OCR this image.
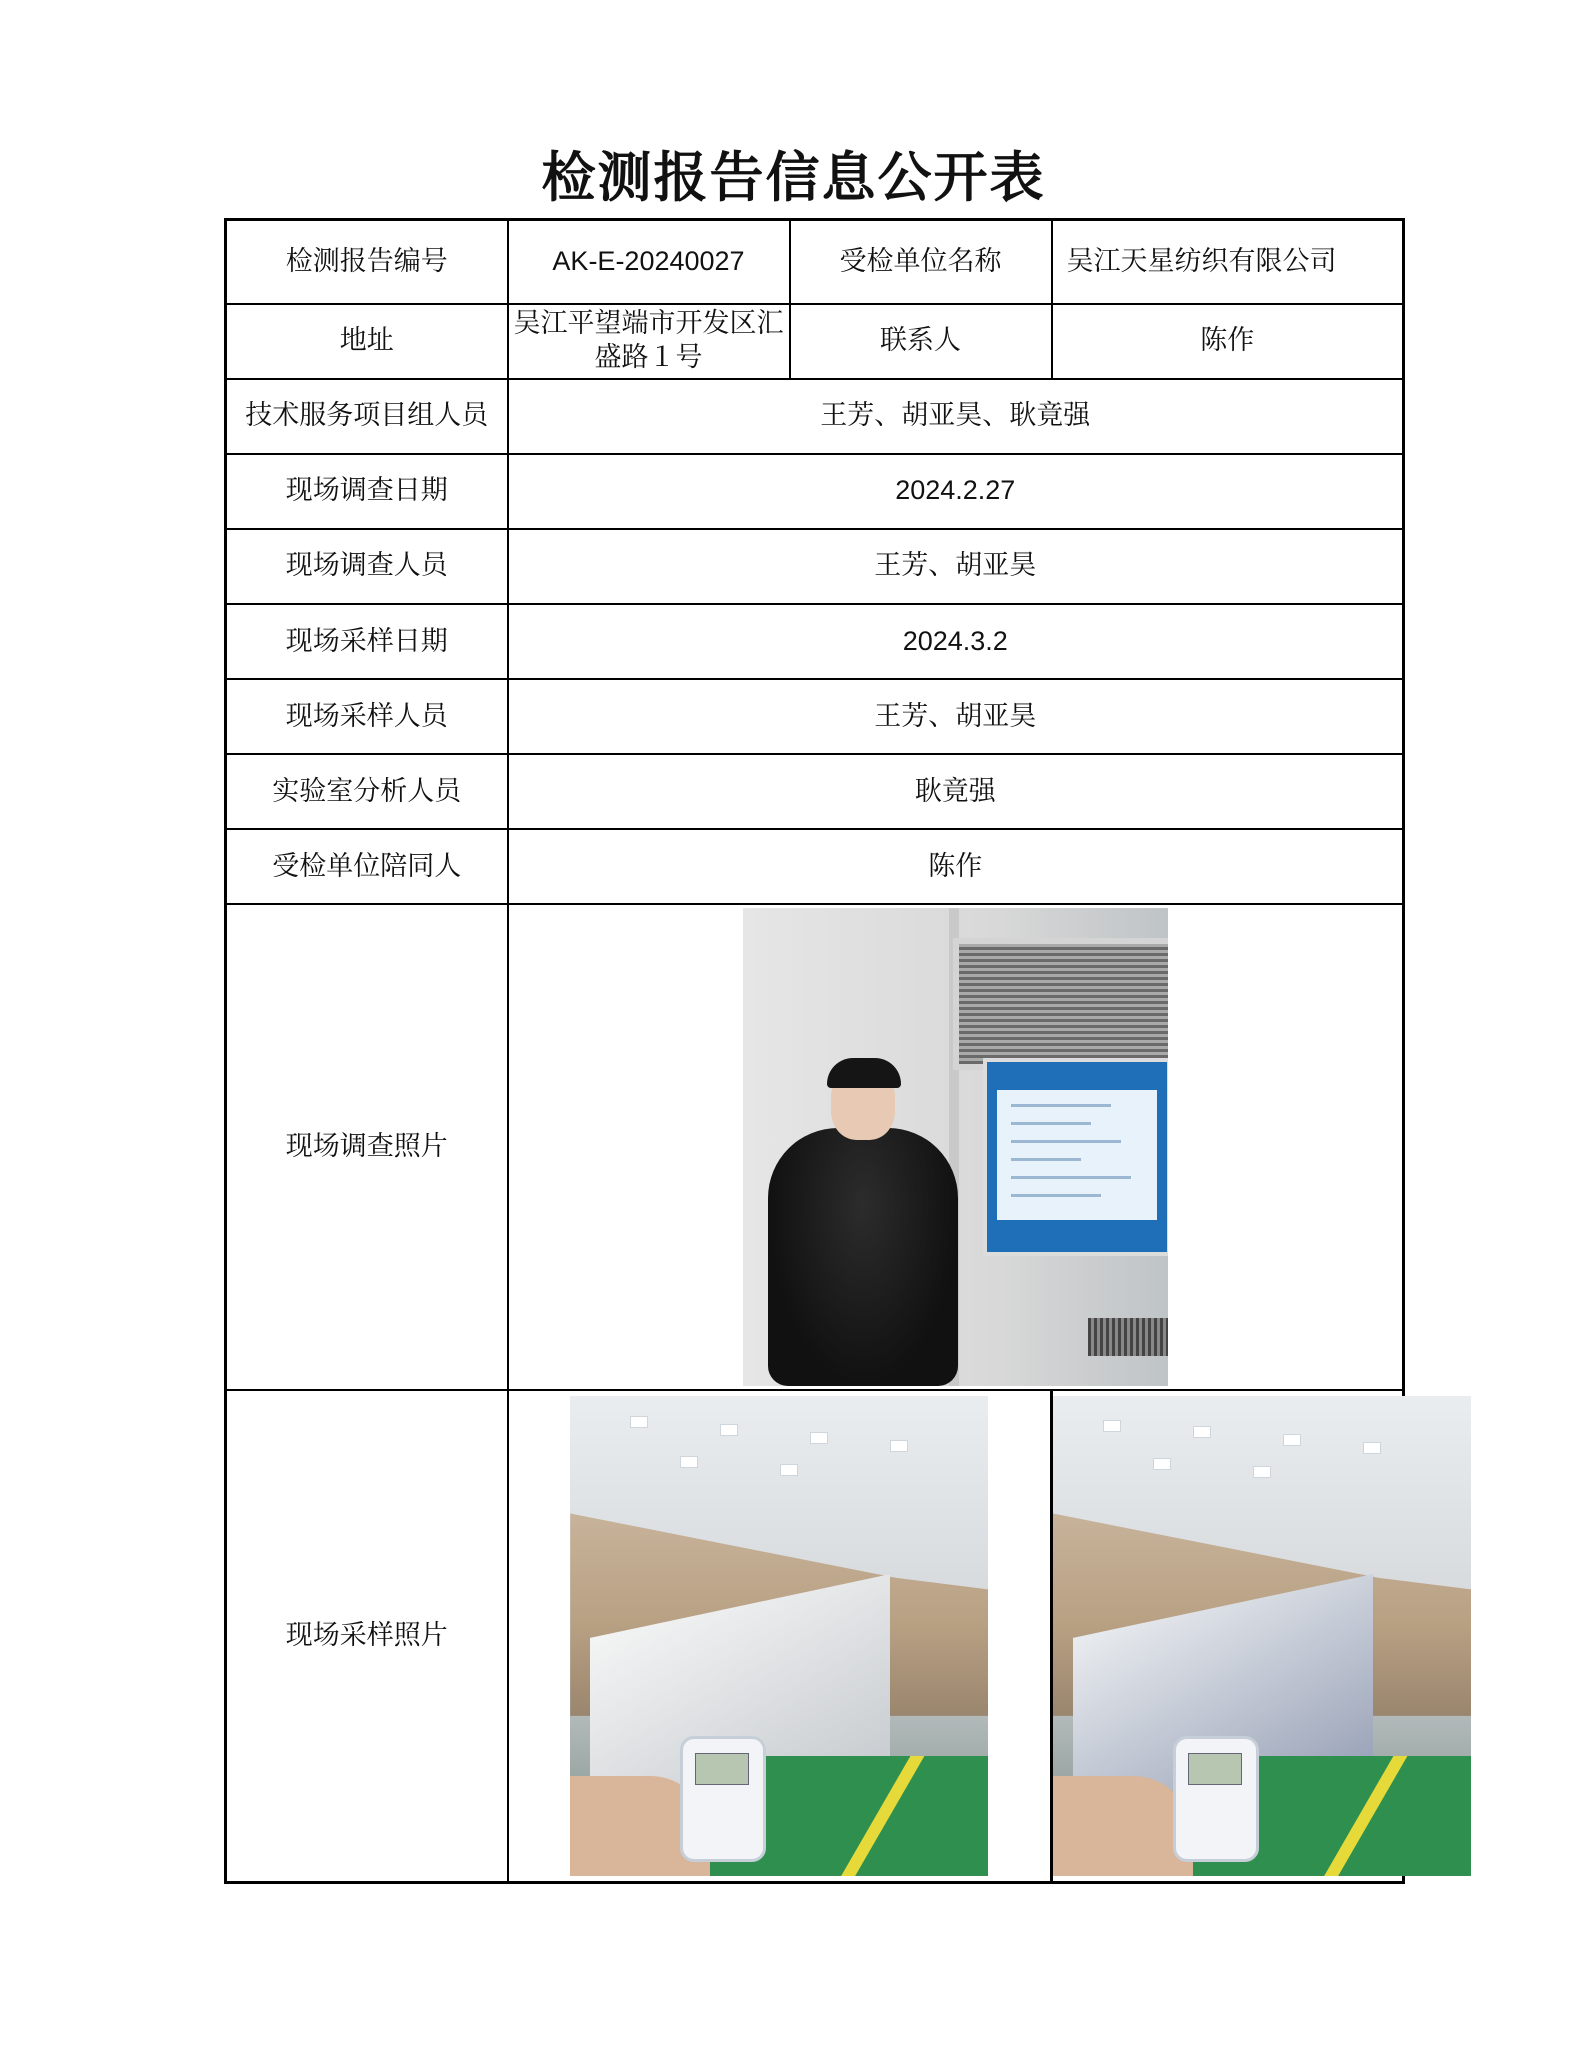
检测报告信息公开表
检测报告编号	AK-E-20240027	受检单位名称	吴江天星纺织有限公司
地址	吴江平望端市开发区汇盛路１号	联系人	陈作
技术服务项目组人员	王芳、胡亚昊、耿竟强		
现场调查日期	2024.2.27		
现场调查人员	王芳、胡亚昊		
现场采样日期	2024.3.2		
现场采样人员	王芳、胡亚昊		
实验室分析人员	耿竟强		
受检单位陪同人	陈作		
现场调查照片			

现场采样照片		
